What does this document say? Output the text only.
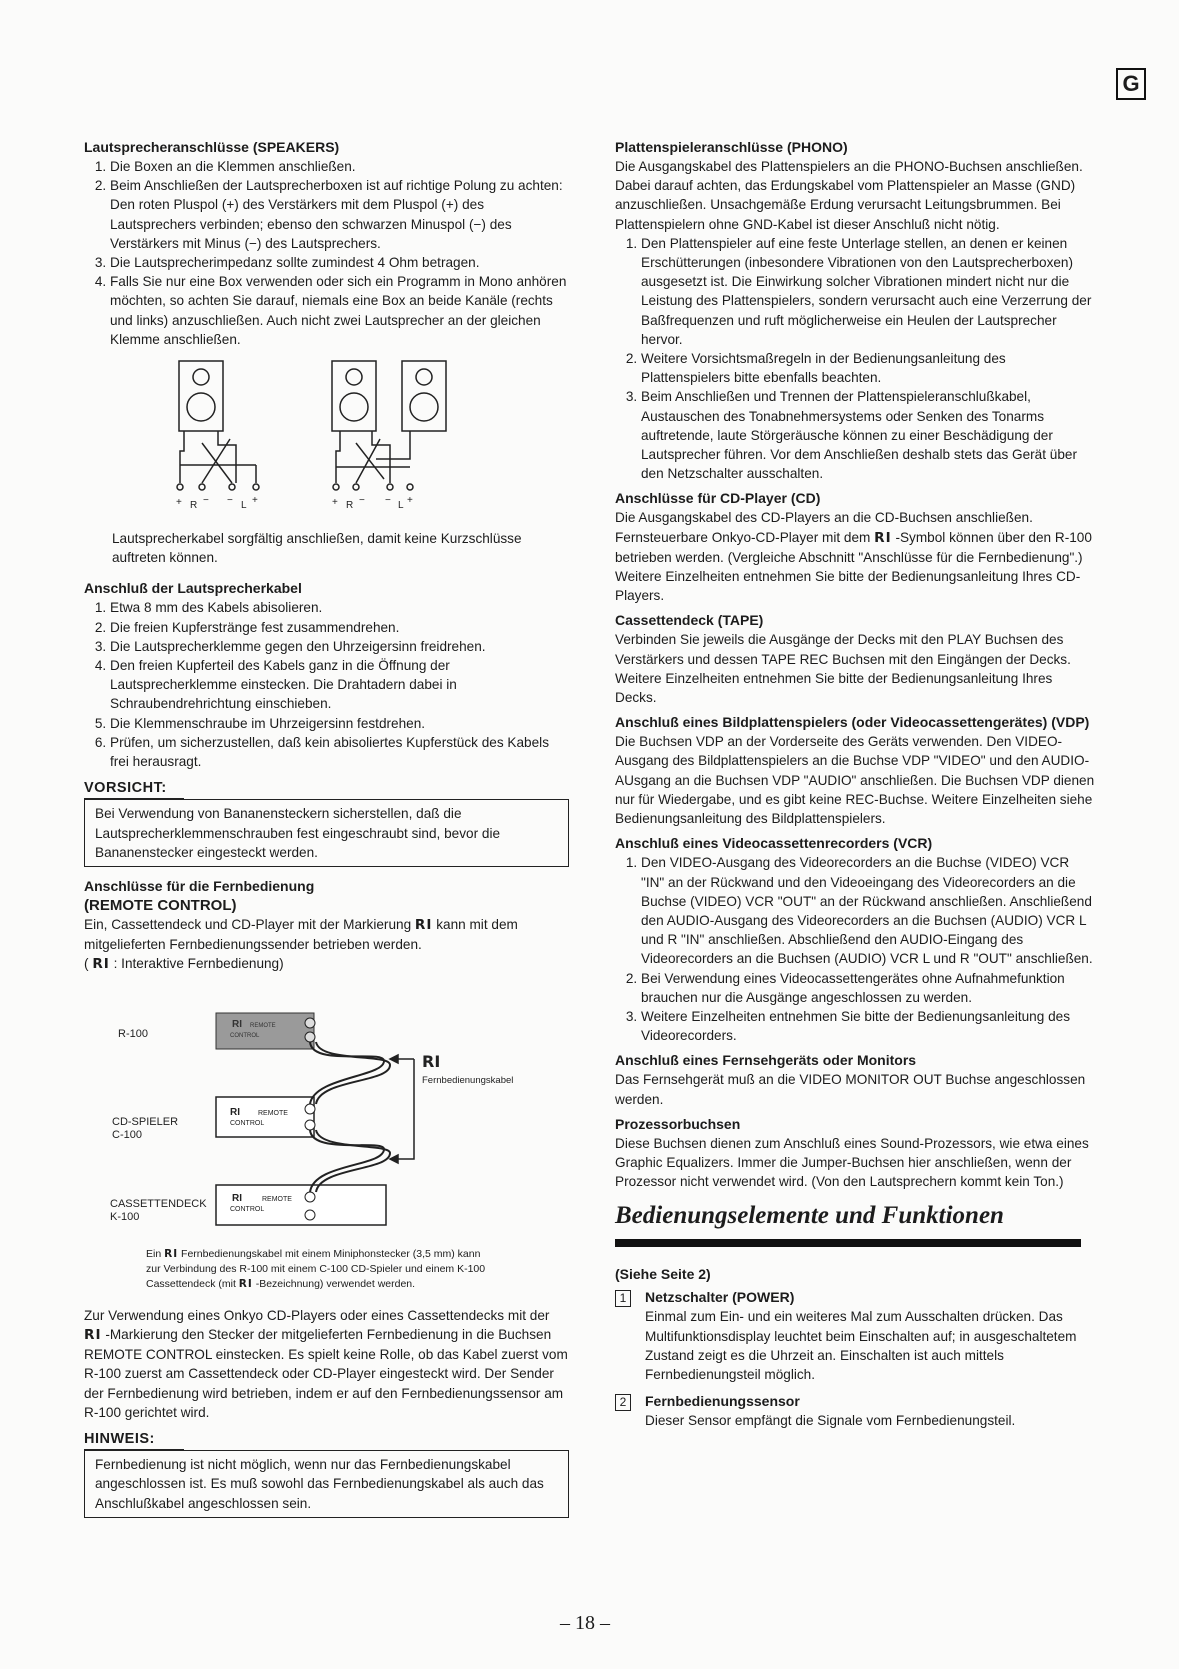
G
Lautsprecheranschlüsse (SPEAKERS)
1. Die Boxen an die Klemmen anschließen.
2. Beim Anschließen der Lautsprecherboxen ist auf richtige Polung zu achten: Den roten Pluspol (+) des Verstärkers mit dem Pluspol (+) des Lautsprechers verbinden; ebenso den schwarzen Minuspol (−) des Verstärkers mit Minus (−) des Lautsprechers.
3. Die Lautsprecherimpedanz sollte zumindest 4 Ohm betragen.
4. Falls Sie nur eine Box verwenden oder sich ein Programm in Mono anhören möchten, so achten Sie darauf, niemals eine Box an beide Kanäle (rechts und links) anzuschließen. Auch nicht zwei Lautsprecher an der gleichen Klemme anschließen.
+ R − − L +	+ R − − L +

Lautsprecherkabel sorgfältig anschließen, damit keine Kurzschlüsse auftreten können.

Anschluß der Lautsprecherkabel
1. Etwa 8 mm des Kabels abisolieren.
2. Die freien Kupferstränge fest zusammendrehen.
3. Die Lautsprecherklemme gegen den Uhrzeigersinn freidrehen.
4. Den freien Kupferteil des Kabels ganz in die Öffnung der Lautsprecherklemme einstecken. Die Drahtadern dabei in Schraubendrehrichtung einschieben.
5. Die Klemmenschraube im Uhrzeigersinn festdrehen.
6. Prüfen, um sicherzustellen, daß kein abisoliertes Kupferstück des Kabels frei herausragt.
VORSICHT:

Bei Verwendung von Bananensteckern sicherstellen, daß die Lautsprecherklemmenschrauben fest eingeschraubt sind, bevor die Bananenstecker eingesteckt werden.

Anschlüsse für die Fernbedienung
(REMOTE CONTROL)

Ein, Cassettendeck und CD-Player mit der Markierung RI kann mit dem mitgelieferten Fernbedienungssender betrieben werden.

( RI : Interaktive Fernbedienung)

R-100
CD-SPIELER
C-100
CASSETTENDECK
K-100
RI REMOTE
CONTROL
RI	REMOTE
CONTROL
RI	REMOTE
CONTROL
RI
Fernbedienungskabel

Ein RI Fernbedienungskabel mit einem Miniphonstecker (3,5 mm) kann zur Verbindung des R-100 mit einem C-100 CD-Spieler und einem K-100 Cassettendeck (mit RI -Bezeichnung) verwendet werden.

Zur Verwendung eines Onkyo CD-Players oder eines Cassettendecks mit der RI -Markierung den Stecker der mitgelieferten Fernbedienung in die Buchsen REMOTE CONTROL einstecken. Es spielt keine Rolle, ob das Kabel zuerst vom R-100 zuerst am Cassettendeck oder CD-Player eingesteckt wird. Der Sender der Fernbedienung wird betrieben, indem er auf den Fernbedienungssensor am R-100 gerichtet wird.

HINWEIS:

Fernbedienung ist nicht möglich, wenn nur das Fernbedienungskabel angeschlossen ist. Es muß sowohl das Fernbedienungskabel als auch das Anschlußkabel angeschlossen sein.

Plattenspieleranschlüsse (PHONO)

Die Ausgangskabel des Plattenspielers an die PHONO-Buchsen anschließen. Dabei darauf achten, das Erdungskabel vom Plattenspieler an Masse (GND) anzuschließen. Unsachgemäße Erdung verursacht Leitungsbrummen. Bei Plattenspielern ohne GND-Kabel ist dieser Anschluß nicht nötig.

1. Den Plattenspieler auf eine feste Unterlage stellen, an denen er keinen Erschütterungen (inbesondere Vibrationen von den Lautsprecherboxen) ausgesetzt ist. Die Einwirkung solcher Vibrationen mindert nicht nur die Leistung des Plattenspielers, sondern verursacht auch eine Verzerrung der Baßfrequenzen und ruft möglicherweise ein Heulen der Lautsprecher hervor.
2. Weitere Vorsichtsmaßregeln in der Bedienungsanleitung des Plattenspielers bitte ebenfalls beachten.
3. Beim Anschließen und Trennen der Plattenspieleranschlußkabel, Austauschen des Tonabnehmersystems oder Senken des Tonarms auftretende, laute Störgeräusche können zu einer Beschädigung der Lautsprecher führen. Vor dem Anschließen deshalb stets das Gerät über den Netzschalter ausschalten.
Anschlüsse für CD-Player (CD)

Die Ausgangskabel des CD-Players an die CD-Buchsen anschließen. Fernsteuerbare Onkyo-CD-Player mit dem RI -Symbol können über den R-100 betrieben werden. (Vergleiche Abschnitt "Anschlüsse für die Fernbedienung".) Weitere Einzelheiten entnehmen Sie bitte der Bedienungsanleitung Ihres CD-Players.

Cassettendeck (TAPE)

Verbinden Sie jeweils die Ausgänge der Decks mit den PLAY Buchsen des Verstärkers und dessen TAPE REC Buchsen mit den Eingängen der Decks. Weitere Einzelheiten entnehmen Sie bitte der Bedienungsanleitung Ihres Decks.

Anschluß eines Bildplattenspielers (oder Videocassettengerätes) (VDP)

Die Buchsen VDP an der Vorderseite des Geräts verwenden. Den VIDEO-Ausgang des Bildplattenspielers an die Buchse VDP "VIDEO" und den AUDIO-AUsgang an die Buchsen VDP "AUDIO" anschließen. Die Buchsen VDP dienen nur für Wiedergabe, und es gibt keine REC-Buchse. Weitere Einzelheiten siehe Bedienungsanleitung des Bildplattenspielers.

Anschluß eines Videocassettenrecorders (VCR)
1. Den VIDEO-Ausgang des Videorecorders an die Buchse (VIDEO) VCR "IN" an der Rückwand und den Videoeingang des Videorecorders an die Buchse (VIDEO) VCR "OUT" an der Rückwand anschließen. Anschließend den AUDIO-Ausgang des Videorecorders an die Buchsen (AUDIO) VCR L und R "IN" anschließen. Abschließend den AUDIO-Eingang des Videorecorders an die Buchsen (AUDIO) VCR L und R "OUT" anschließen.
2. Bei Verwendung eines Videocassettengerätes ohne Aufnahmefunktion brauchen nur die Ausgänge angeschlossen zu werden.
3. Weitere Einzelheiten entnehmen Sie bitte der Bedienungsanleitung des Videorecorders.
Anschluß eines Fernsehgeräts oder Monitors

Das Fernsehgerät muß an die VIDEO MONITOR OUT Buchse angeschlossen werden.

Prozessorbuchsen

Diese Buchsen dienen zum Anschluß eines Sound-Prozessors, wie etwa eines Graphic Equalizers. Immer die Jumper-Buchsen hier anschließen, wenn der Prozessor nicht verwendet wird. (Von den Lautsprechern kommt kein Ton.)

Bedienungselemente und Funktionen
(Siehe Seite 2)
1	Netzschalter (POWER)

Einmal zum Ein- und ein weiteres Mal zum Ausschalten drücken. Das Multifunktionsdisplay leuchtet beim Einschalten auf; in ausgeschaltetem Zustand zeigt es die Uhrzeit an. Einschalten ist auch mittels Fernbedienungsteil möglich.

2	Fernbedienungssensor

Dieser Sensor empfängt die Signale vom Fernbedienungsteil.

– 18 –
